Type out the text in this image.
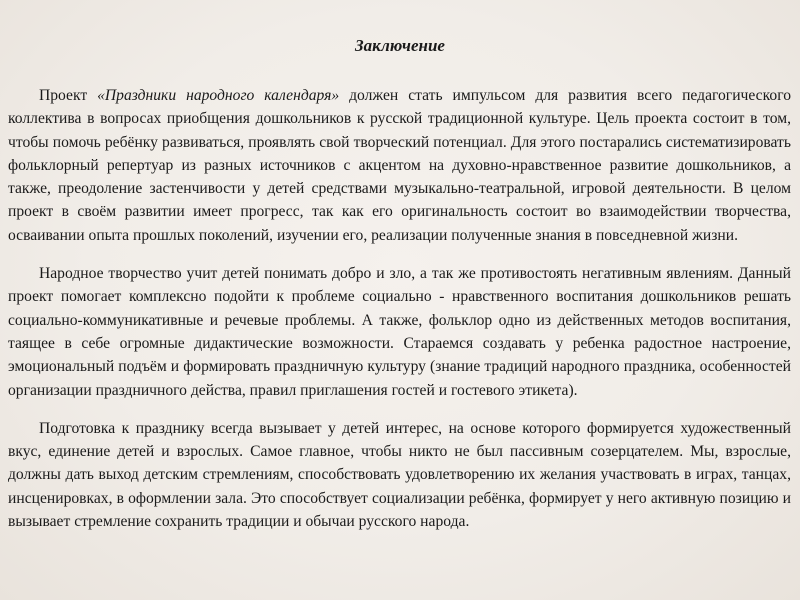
Заключение

Проект «Праздники народного календаря» должен стать импульсом для развития всего педагогического коллектива в вопросах приобщения дошкольников к русской традиционной культуре. Цель проекта состоит в том, чтобы помочь ребёнку развиваться, проявлять свой творческий потенциал. Для этого постарались систематизировать фольклорный репертуар из разных источников с акцентом на духовно-нравственное развитие дошкольников, а также, преодоление застенчивости у детей средствами музыкально-театральной, игровой деятельности. В целом проект в своём развитии имеет прогресс, так как его оригинальность состоит во взаимодействии творчества, осваивании опыта прошлых поколений, изучении его, реализации полученные знания в повседневной жизни.

Народное творчество учит детей понимать добро и зло, а так же противостоять негативным явлениям. Данный проект помогает комплексно подойти к проблеме социально - нравственного воспитания дошкольников решать социально-коммуникативные и речевые проблемы. А также, фольклор одно из действенных методов воспитания, таящее в себе огромные дидактические возможности. Стараемся создавать у ребенка радостное настроение, эмоциональный подъём и формировать праздничную культуру (знание традиций народного праздника, особенностей организации праздничного действа, правил приглашения гостей и гостевого этикета).

Подготовка к празднику всегда вызывает у детей интерес, на основе которого формируется художественный вкус, единение детей и взрослых. Самое главное, чтобы никто не был пассивным созерцателем. Мы, взрослые, должны дать выход детским стремлениям, способствовать удовлетворению их желания участвовать в играх, танцах, инсценировках, в оформлении зала. Это способствует социализации ребёнка, формирует у него активную позицию и вызывает стремление сохранить традиции и обычаи русского народа.
